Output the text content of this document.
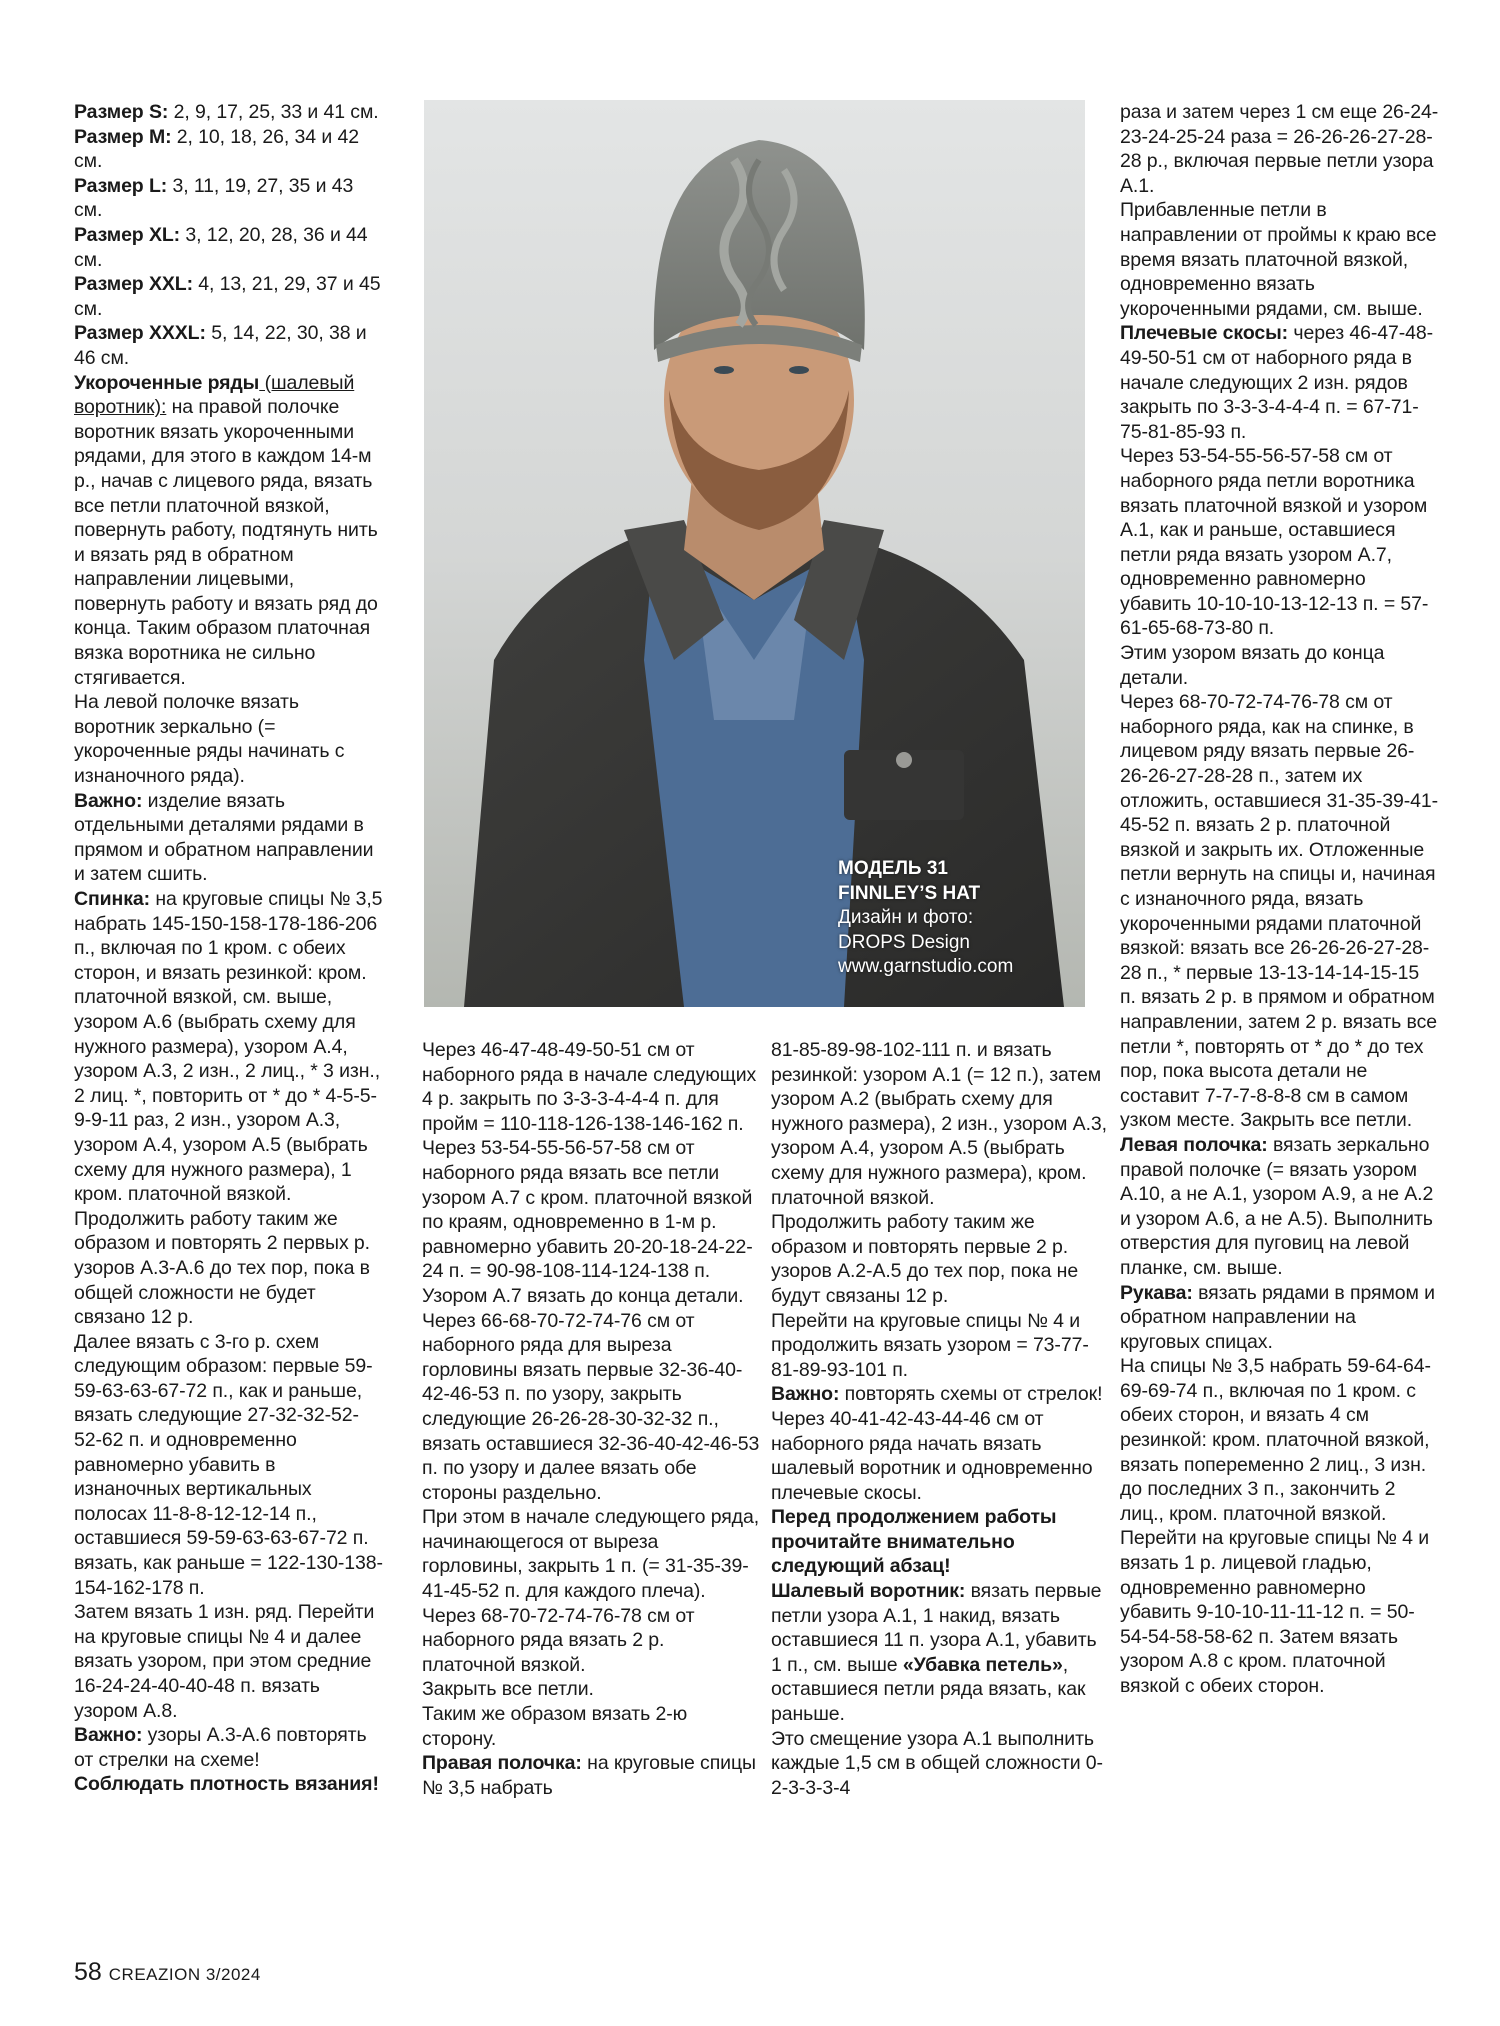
Размер S: 2, 9, 17, 25, 33 и 41 см.

Размер M: 2, 10, 18, 26, 34 и 42 см.

Размер L: 3, 11, 19, 27, 35 и 43 см.

Размер XL: 3, 12, 20, 28, 36 и 44 см.

Размер XXL: 4, 13, 21, 29, 37 и 45 см.

Размер XXXL: 5, 14, 22, 30, 38 и 46 см.

Укороченные ряды (шалевый воротник): на правой полочке воротник вязать укороченными рядами, для этого в каждом 14-м р., начав с лицевого ряда, вязать все петли платочной вязкой, повернуть работу, подтянуть нить и вязать ряд в обратном направлении лицевыми, повернуть работу и вязать ряд до конца. Таким образом платочная вязка воротника не сильно стягивается.

На левой полочке вязать воротник зеркально (= укороченные ряды начинать с изнаночного ряда).

Важно: изделие вязать отдельными деталями рядами в прямом и обратном направлении и затем сшить.

Спинка: на круговые спицы № 3,5 набрать 145-150-158-178-186-206 п., включая по 1 кром. с обеих сторон, и вязать резинкой: кром. платочной вязкой, см. выше, узором А.6 (выбрать схему для нужного размера), узором А.4, узором А.3, 2 изн., 2 лиц., * 3 изн., 2 лиц. *, повторить от * до * 4-5-5-9-9-11 раз, 2 изн., узором А.3, узором А.4, узором А.5 (выбрать схему для нужного размера), 1 кром. платочной вязкой.

Продолжить работу таким же образом и повторять 2 первых р. узоров А.3-А.6 до тех пор, пока в общей сложности не будет связано 12 р.

Далее вязать с 3-го р. схем следующим образом: первые 59-59-63-63-67-72 п., как и раньше, вязать следующие 27-32-32-52-52-62 п. и одновременно равномерно убавить в изнаночных вертикальных полосах 11-8-8-12-12-14 п., оставшиеся 59-59-63-63-67-72 п. вязать, как раньше = 122-130-138-154-162-178 п.

Затем вязать 1 изн. ряд. Перейти на круговые спицы № 4 и далее вязать узором, при этом средние 16-24-24-40-40-48 п. вязать узором А.8.

Важно: узоры А.3-А.6 повторять от стрелки на схеме!

Соблюдать плотность вязания!

МОДЕЛЬ 31
FINNLEY’S HAT
Дизайн и фото:
DROPS Design
www.garnstudio.com

Через 46-47-48-49-50-51 см от наборного ряда в начале следующих 4 р. закрыть по 3-3-3-4-4-4 п. для пройм = 110-118-126-138-146-162 п.

Через 53-54-55-56-57-58 см от наборного ряда вязать все петли узором А.7 с кром. платочной вязкой по краям, одновременно в 1-м р. равномерно убавить 20-20-18-24-22-24 п. = 90-98-108-114-124-138 п.

Узором А.7 вязать до конца детали.

Через 66-68-70-72-74-76 см от наборного ряда для выреза горловины вязать первые 32-36-40-42-46-53 п. по узору, закрыть следующие 26-26-28-30-32-32 п., вязать оставшиеся 32-36-40-42-46-53 п. по узору и далее вязать обе стороны раздельно.

При этом в начале следующего ряда, начинающегося от выреза горловины, закрыть 1 п. (= 31-35-39-41-45-52 п. для каждого плеча).

Через 68-70-72-74-76-78 см от наборного ряда вязать 2 р. платочной вязкой.

Закрыть все петли.

Таким же образом вязать 2-ю сторону.

Правая полочка: на круговые спицы № 3,5 набрать

81-85-89-98-102-111 п. и вязать резинкой: узором А.1 (= 12 п.), затем узором А.2 (выбрать схему для нужного размера), 2 изн., узором А.3, узором А.4, узором А.5 (выбрать схему для нужного размера), кром. платочной вязкой.

Продолжить работу таким же образом и повторять первые 2 р. узоров А.2-А.5 до тех пор, пока не будут связаны 12 р.

Перейти на круговые спицы № 4 и продолжить вязать узором = 73-77-81-89-93-101 п.

Важно: повторять схемы от стрелок!

Через 40-41-42-43-44-46 см от наборного ряда начать вязать шалевый воротник и одновременно плечевые скосы.

Перед продолжением работы прочитайте внимательно следующий абзац!

Шалевый воротник: вязать первые петли узора А.1, 1 накид, вязать оставшиеся 11 п. узора А.1, убавить 1 п., см. выше «Убавка петель», оставшиеся петли ряда вязать, как раньше.

Это смещение узора А.1 выполнить каждые 1,5 см в общей сложности 0-2-3-3-3-4

раза и затем через 1 см еще 26-24-23-24-25-24 раза = 26-26-26-27-28-28 р., включая первые петли узора А.1.

Прибавленные петли в направлении от проймы к краю все время вязать платочной вязкой, одновременно вязать укороченными рядами, см. выше.

Плечевые скосы: через 46-47-48-49-50-51 см от наборного ряда в начале следующих 2 изн. рядов закрыть по 3-3-3-4-4-4 п. = 67-71-75-81-85-93 п.

Через 53-54-55-56-57-58 см от наборного ряда петли воротника вязать платочной вязкой и узором А.1, как и раньше, оставшиеся петли ряда вязать узором А.7, одновременно равномерно убавить 10-10-10-13-12-13 п. = 57-61-65-68-73-80 п.

Этим узором вязать до конца детали.

Через 68-70-72-74-76-78 см от наборного ряда, как на спинке, в лицевом ряду вязать первые 26-26-26-27-28-28 п., затем их отложить, оставшиеся 31-35-39-41-45-52 п. вязать 2 р. платочной вязкой и закрыть их. Отложенные петли вернуть на спицы и, начиная с изнаночного ряда, вязать укороченными рядами платочной вязкой: вязать все 26-26-26-27-28-28 п., * первые 13-13-14-14-15-15 п. вязать 2 р. в прямом и обратном направлении, затем 2 р. вязать все петли *, повторять от * до * до тех пор, пока высота детали не составит 7-7-7-8-8-8 см в самом узком месте. Закрыть все петли.

Левая полочка: вязать зеркально правой полочке (= вязать узором А.10, а не А.1, узором А.9, а не А.2 и узором А.6, а не А.5). Выполнить отверстия для пуговиц на левой планке, см. выше.

Рукава: вязать рядами в прямом и обратном направлении на круговых спицах.

На спицы № 3,5 набрать 59-64-64-69-69-74 п., включая по 1 кром. с обеих сторон, и вязать 4 см резинкой: кром. платочной вязкой, вязать попеременно 2 лиц., 3 изн. до последних 3 п., закончить 2 лиц., кром. платочной вязкой.

Перейти на круговые спицы № 4 и вязать 1 р. лицевой гладью, одновременно равномерно убавить 9-10-10-11-11-12 п. = 50-54-54-58-58-62 п. Затем вязать узором А.8 с кром. платочной вязкой с обеих сторон.

58 CREAZION 3/2024
